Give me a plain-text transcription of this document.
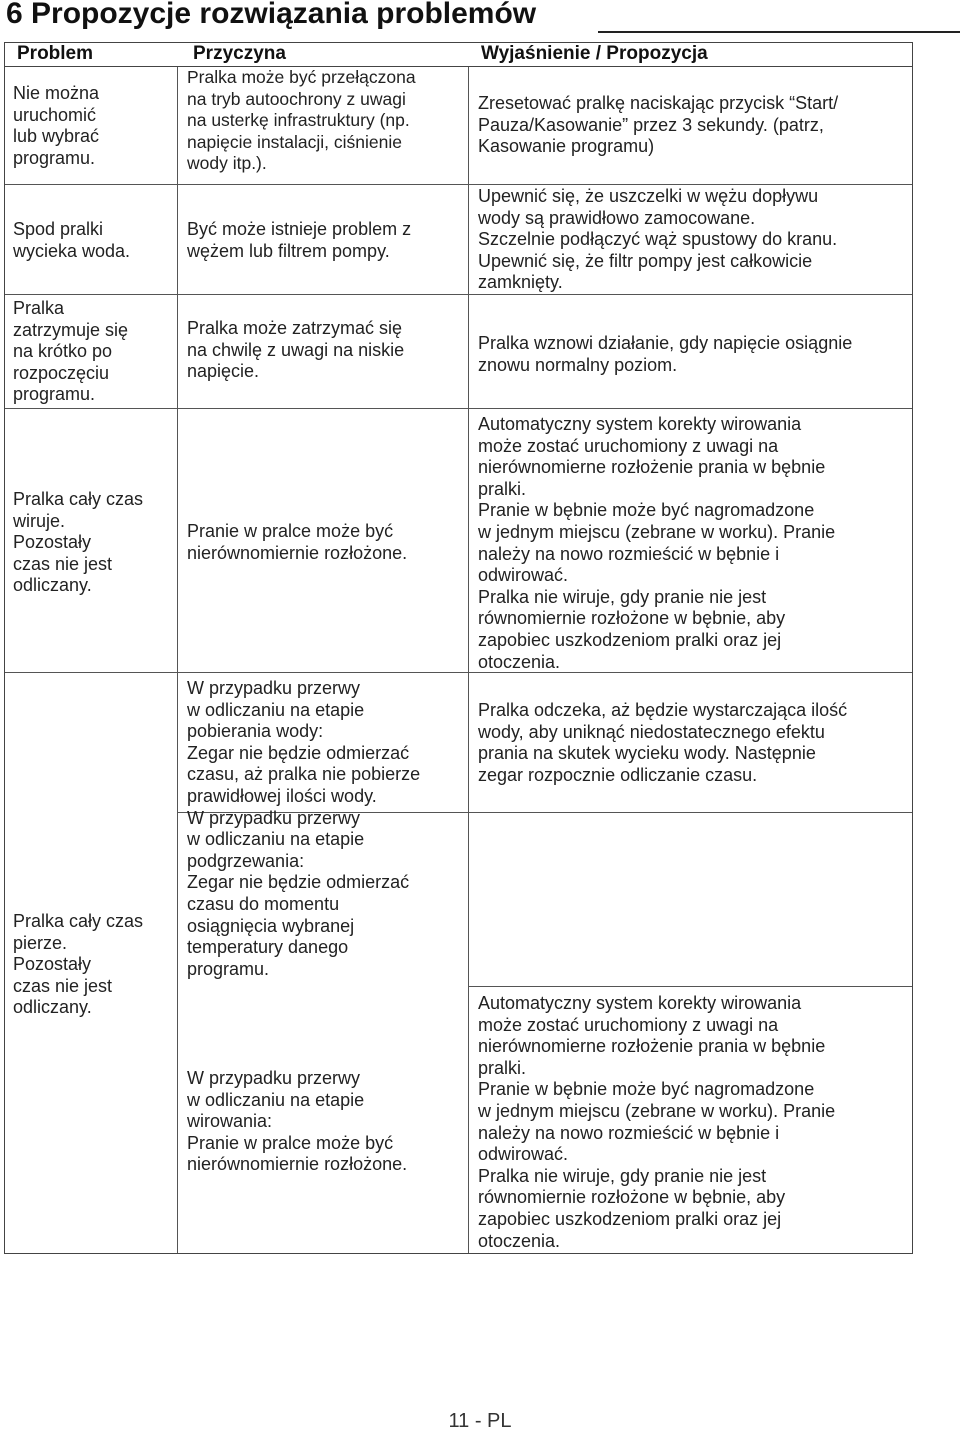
6 Propozycje rozwiązania problemów
Problem	Przyczyna	Wyjaśnienie / Propozycja
Nie można
uruchomić
lub wybrać
programu.
Pralka może być przełączona
na tryb autoochrony z uwagi
na usterkę infrastruktury (np.
napięcie instalacji, ciśnienie
wody itp.).
Zresetować pralkę naciskając przycisk “Start/
Pauza/Kasowanie” przez 3 sekundy. (patrz,
Kasowanie programu)
Spod pralki
wycieka woda.
Być może istnieje problem z
wężem lub filtrem pompy.
Upewnić się, że uszczelki w wężu dopływu
wody są prawidłowo zamocowane.
Szczelnie podłączyć wąż spustowy do kranu.
Upewnić się, że filtr pompy jest całkowicie
zamknięty.
Pralka
zatrzymuje się
na krótko po
rozpoczęciu
programu.
Pralka może zatrzymać się
na chwilę z uwagi na niskie
napięcie.
Pralka wznowi działanie, gdy napięcie osiągnie
znowu normalny poziom.
Pralka cały czas
wiruje.
Pozostały
czas nie jest
odliczany.
Pranie w pralce może być
nierównomiernie rozłożone.
Automatyczny system korekty wirowania
może zostać uruchomiony z uwagi na
nierównomierne rozłożenie prania w bębnie
pralki.
Pranie w bębnie może być nagromadzone
w jednym miejscu (zebrane w worku). Pranie
należy na nowo rozmieścić w bębnie i
odwirować.
Pralka nie wiruje, gdy pranie nie jest
równomiernie rozłożone w bębnie, aby
zapobiec uszkodzeniom pralki oraz jej
otoczenia.
Pralka cały czas
pierze.
Pozostały
czas nie jest
odliczany.
W przypadku przerwy
w odliczaniu na etapie
pobierania wody:
Zegar nie będzie odmierzać
czasu, aż pralka nie pobierze
prawidłowej ilości wody.
W przypadku przerwy
w odliczaniu na etapie
podgrzewania:
Zegar nie będzie odmierzać
czasu do momentu
osiągnięcia wybranej
temperatury danego
programu.
W przypadku przerwy
w odliczaniu na etapie
wirowania:
Pranie w pralce może być
nierównomiernie rozłożone.
Pralka odczeka, aż będzie wystarczająca ilość
wody, aby uniknąć niedostatecznego efektu
prania na skutek wycieku wody. Następnie
zegar rozpocznie odliczanie czasu.
Automatyczny system korekty wirowania
może zostać uruchomiony z uwagi na
nierównomierne rozłożenie prania w bębnie
pralki.
Pranie w bębnie może być nagromadzone
w jednym miejscu (zebrane w worku). Pranie
należy na nowo rozmieścić w bębnie i
odwirować.
Pralka nie wiruje, gdy pranie nie jest
równomiernie rozłożone w bębnie, aby
zapobiec uszkodzeniom pralki oraz jej
otoczenia.
11 - PL
